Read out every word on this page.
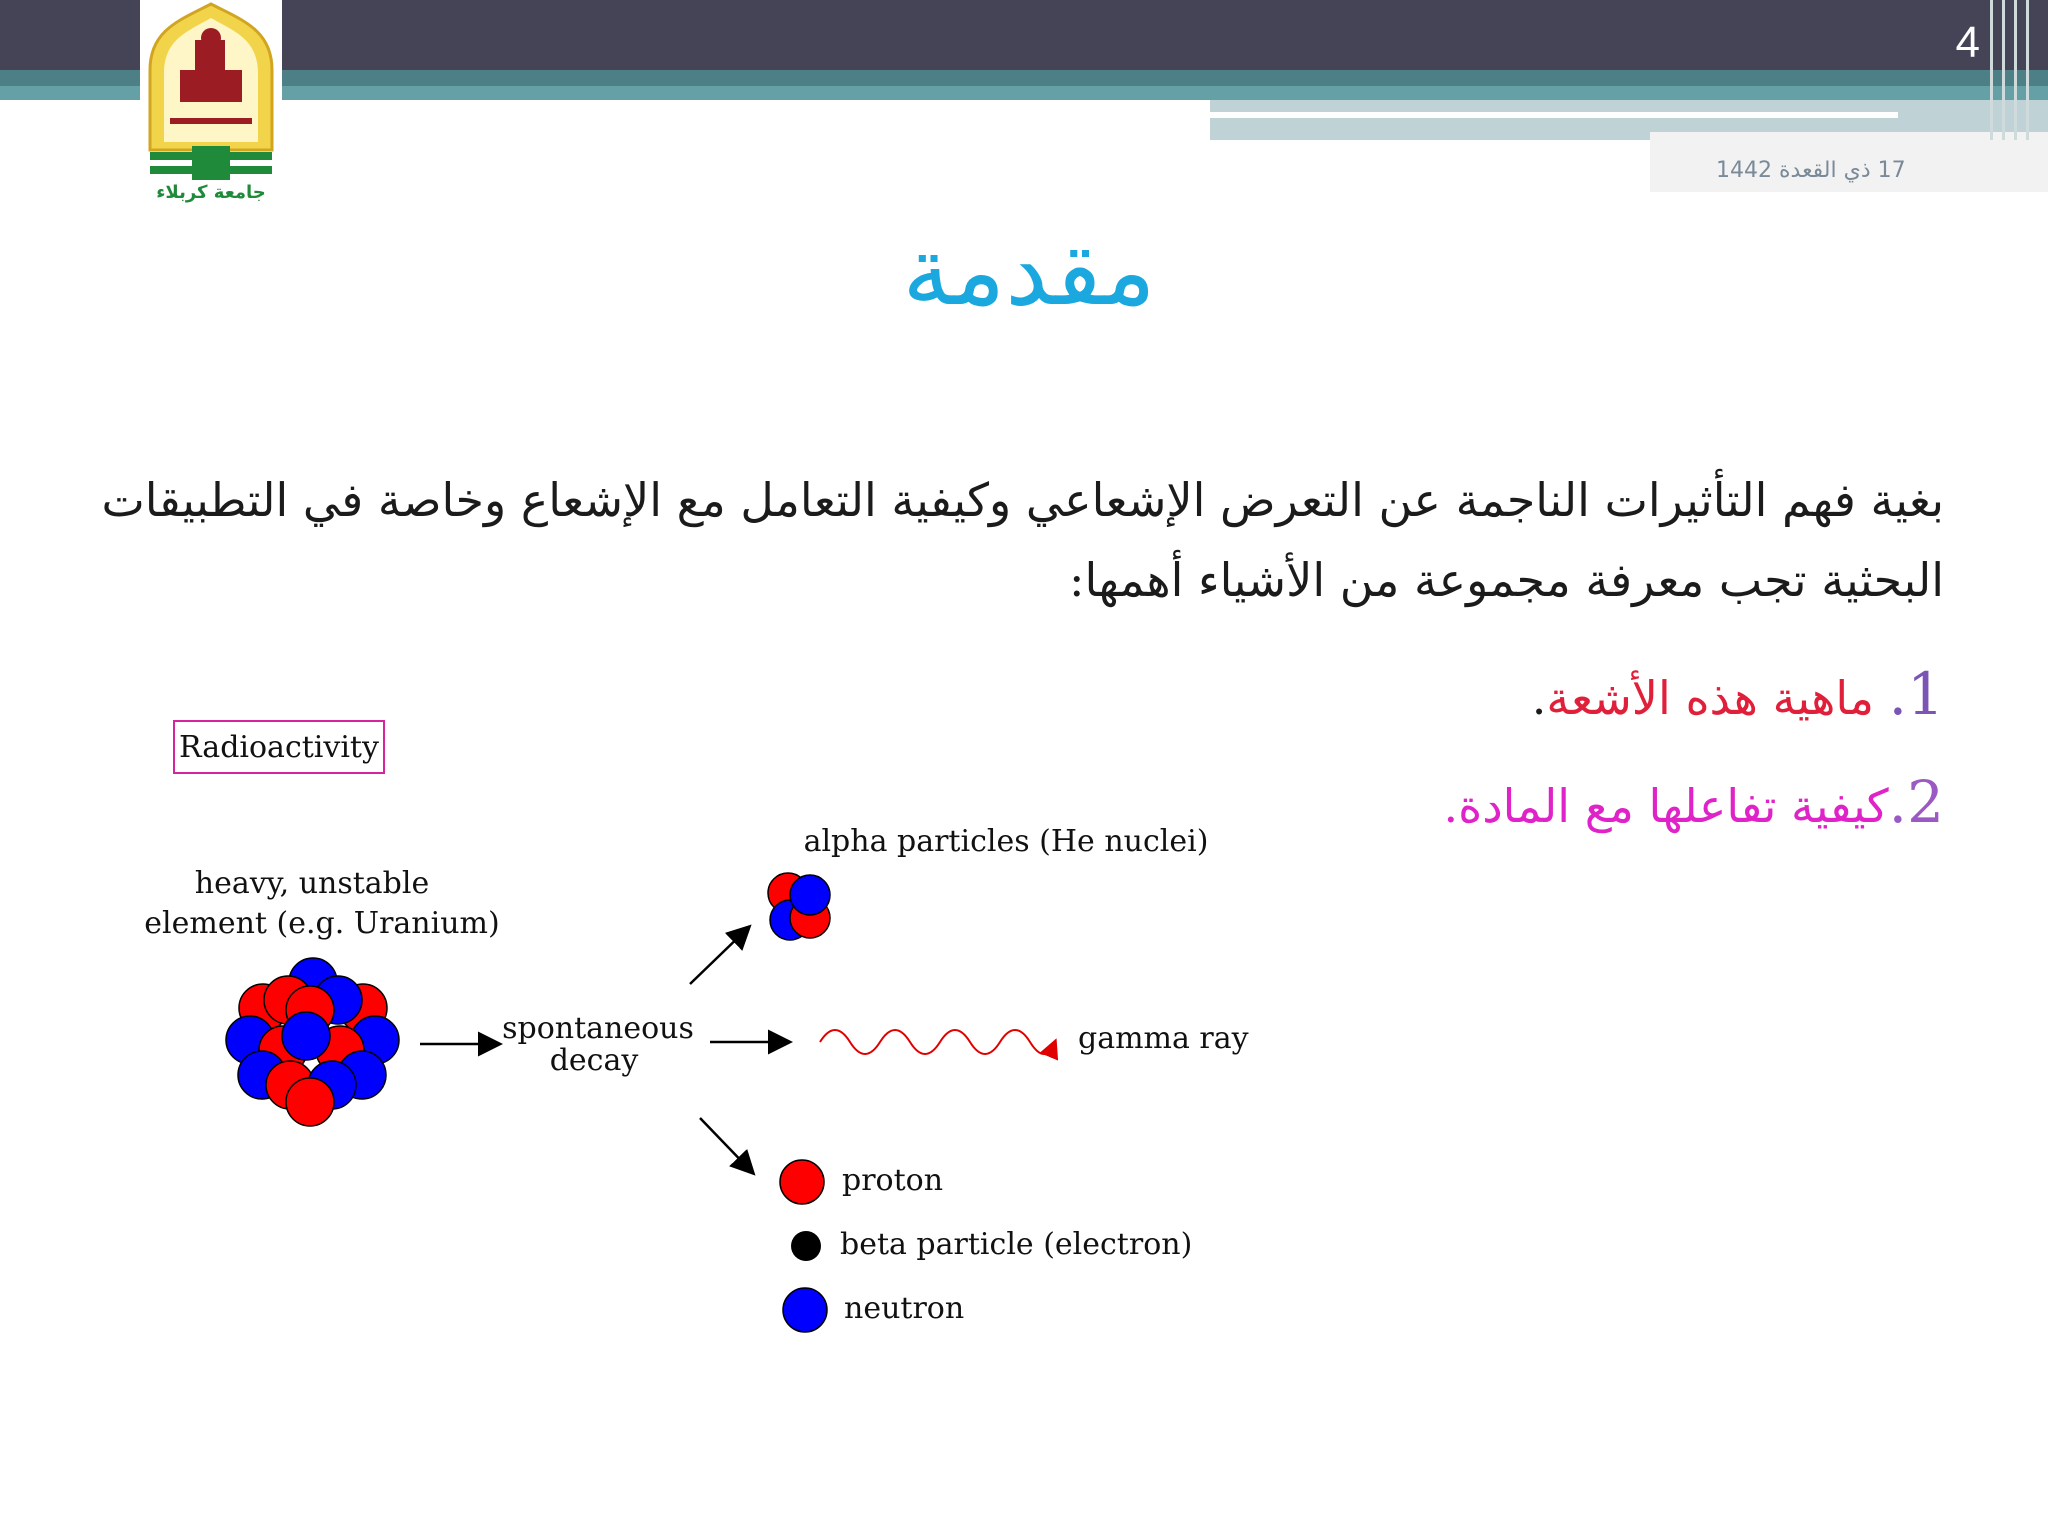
4
17 ذي القعدة 1442
جامعة كربلاء
مقدمة
بغية فهم التأثيرات الناجمة عن التعرض الإشعاعي وكيفية التعامل مع الإشعاع وخاصة في التطبيقات البحثية تجب معرفة مجموعة من الأشياء أهمها:
1. ماهية هذه الأشعة.
2.كيفية تفاعلها مع المادة.
Radioactivity
heavy, unstable
element (e.g. Uranium)
spontaneous
decay
alpha particles (He nuclei)
gamma ray
proton
beta particle (electron)
neutron
